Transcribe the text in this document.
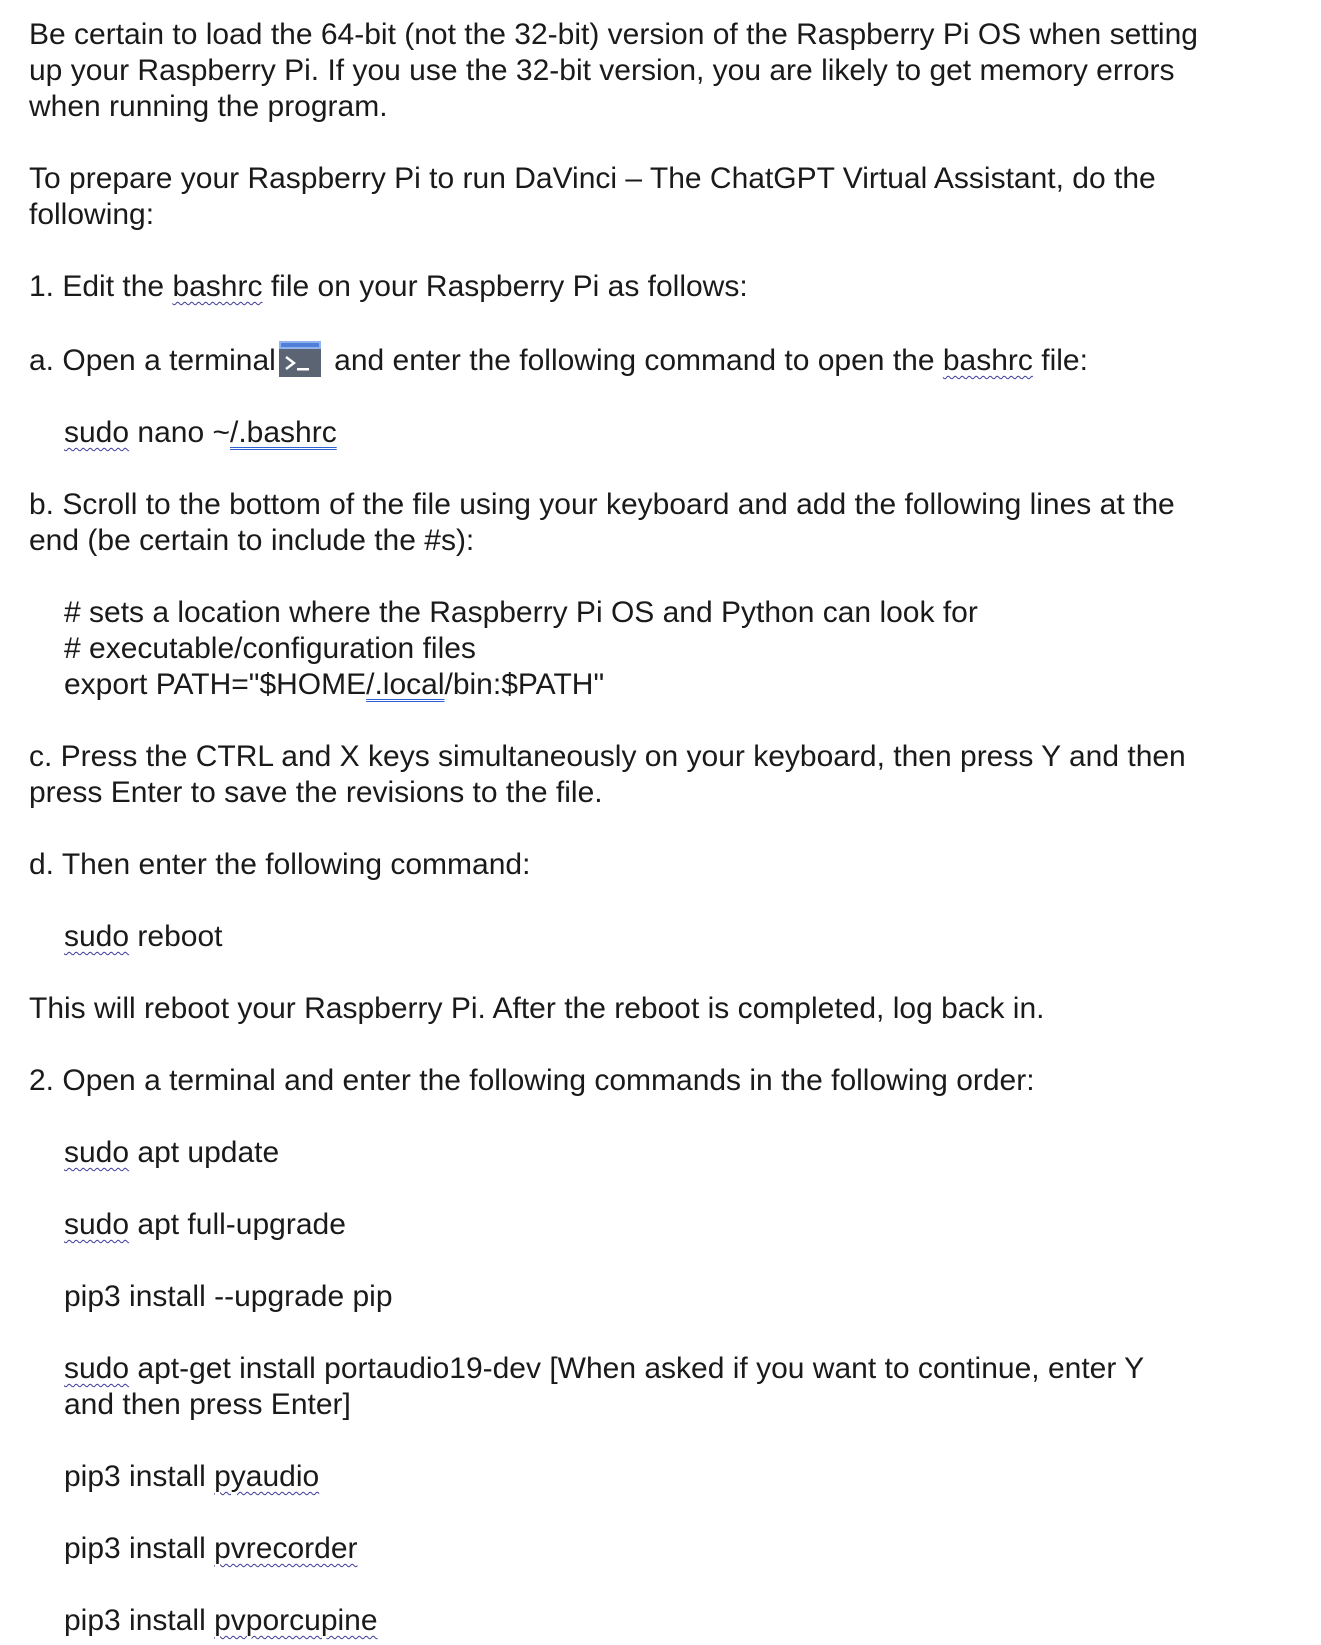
Be certain to load the 64-bit (not the 32-bit) version of the Raspberry Pi OS when setting

up your Raspberry Pi. If you use the 32-bit version, you are likely to get memory errors

when running the program.

To prepare your Raspberry Pi to run DaVinci – The ChatGPT Virtual Assistant, do the

following:

1. Edit the bashrc file on your Raspberry Pi as follows:

a. Open a terminal
and enter the following command to open the bashrc file:

sudo nano ~/.bashrc

b. Scroll to the bottom of the file using your keyboard and add the following lines at the

end (be certain to include the #s):

# sets a location where the Raspberry Pi OS and Python can look for

# executable/configuration files

export PATH="$HOME/.local/bin:$PATH"

c. Press the CTRL and X keys simultaneously on your keyboard, then press Y and then

press Enter to save the revisions to the file.

d. Then enter the following command:

sudo reboot

This will reboot your Raspberry Pi. After the reboot is completed, log back in.

2. Open a terminal and enter the following commands in the following order:

sudo apt update

sudo apt full-upgrade

pip3 install --upgrade pip

sudo apt-get install portaudio19-dev [When asked if you want to continue, enter Y

and then press Enter]

pip3 install pyaudio

pip3 install pvrecorder

pip3 install pvporcupine
